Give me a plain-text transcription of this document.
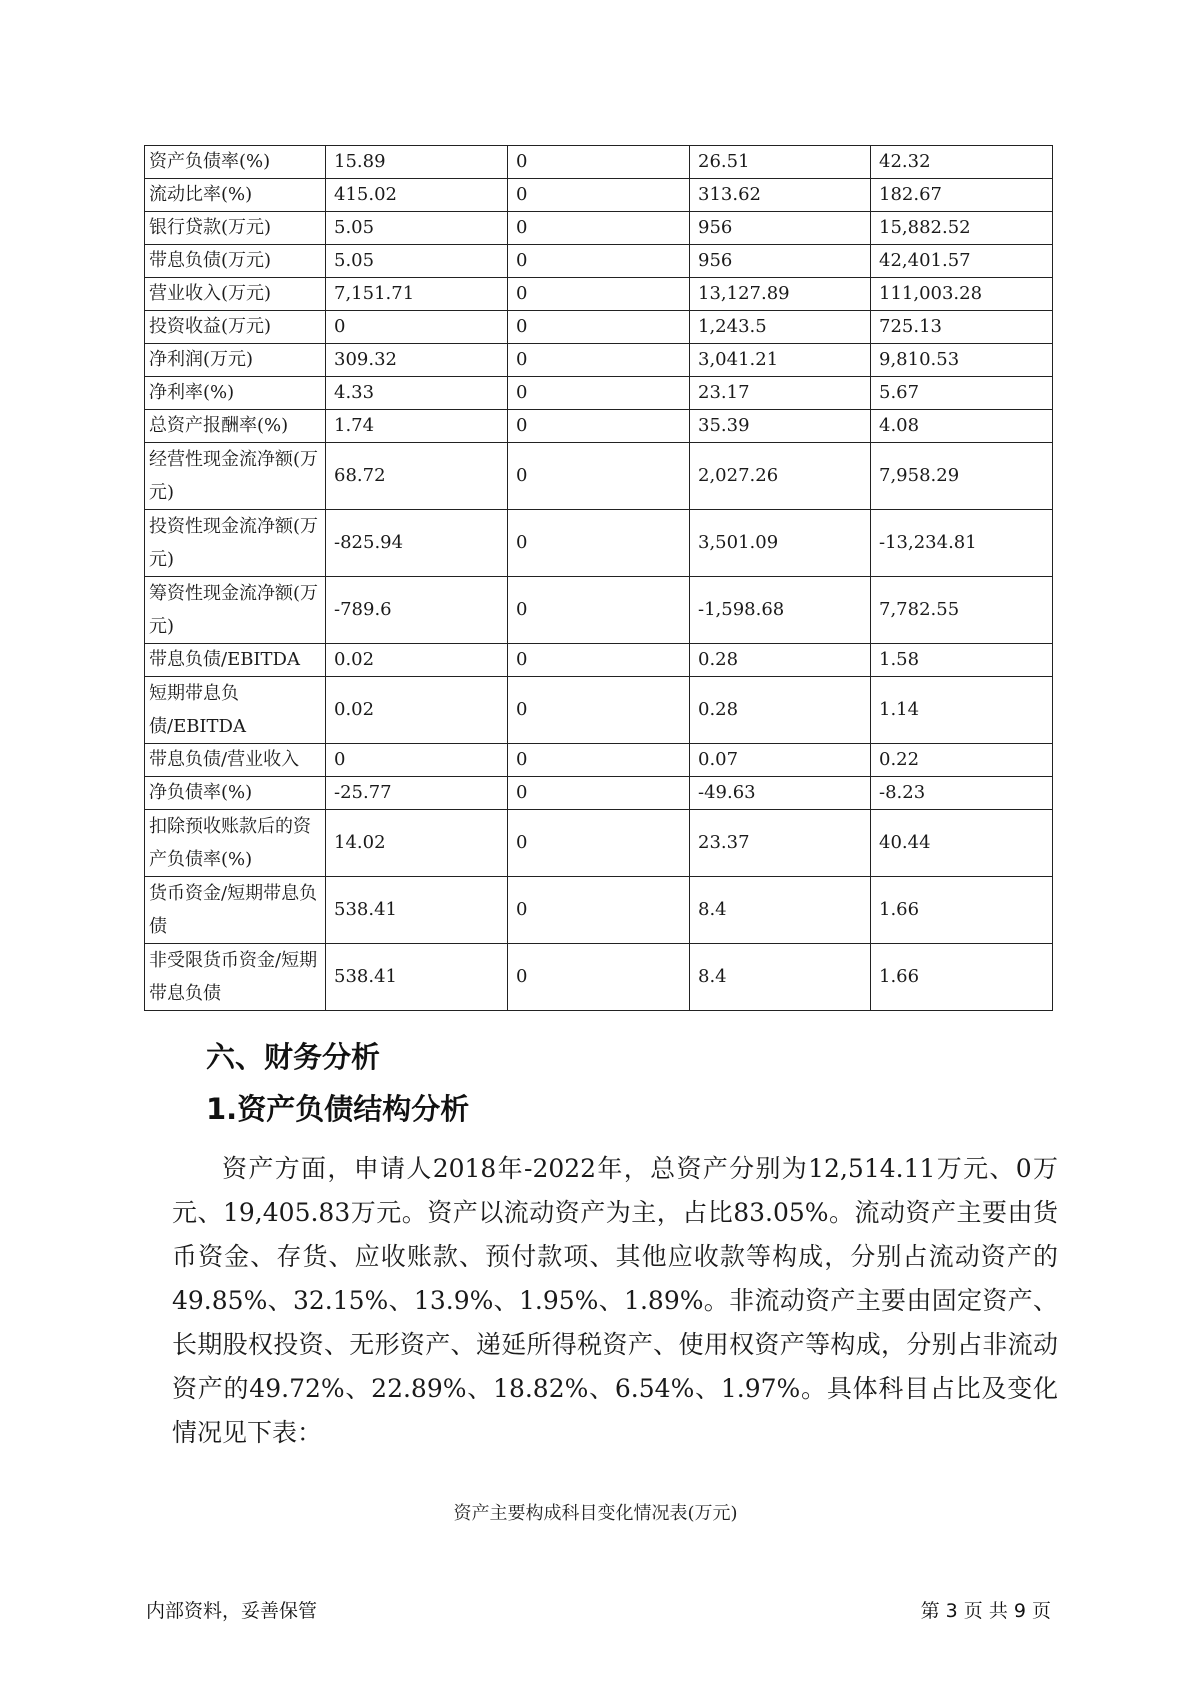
资产负债率(%)	15.89	0	26.51	42.32
流动比率(%)	415.02	0	313.62	182.67
银行贷款(万元)	5.05	0	956	15,882.52
带息负债(万元)	5.05	0	956	42,401.57
营业收入(万元)	7,151.71	0	13,127.89	111,003.28
投资收益(万元)	0	0	1,243.5	725.13
净利润(万元)	309.32	0	3,041.21	9,810.53
净利率(%)	4.33	0	23.17	5.67
总资产报酬率(%)	1.74	0	35.39	4.08
经营性现金流净额(万元)	68.72	0	2,027.26	7,958.29
投资性现金流净额(万元)	-825.94	0	3,501.09	-13,234.81
筹资性现金流净额(万元)	-789.6	0	-1,598.68	7,782.55
带息负债/EBITDA	0.02	0	0.28	1.58
短期带息负债/EBITDA	0.02	0	0.28	1.14
带息负债/营业收入	0	0	0.07	0.22
净负债率(%)	-25.77	0	-49.63	-8.23
扣除预收账款后的资产负债率(%)	14.02	0	23.37	40.44
货币资金/短期带息负债	538.41	0	8.4	1.66
非受限货币资金/短期带息负债	538.41	0	8.4	1.66
六、财务分析
1.资产负债结构分析

资产方面，申请人2018年-2022年，总资产分别为12,514.11万元、0万元、19,405.83万元。资产以流动资产为主，占比83.05%。流动资产主要由货币资金、存货、应收账款、预付款项、其他应收款等构成，分别占流动资产的49.85%、32.15%、13.9%、1.95%、1.89%。非流动资产主要由固定资产、长期股权投资、无形资产、递延所得税资产、使用权资产等构成，分别占非流动资产的49.72%、22.89%、18.82%、6.54%、1.97%。具体科目占比及变化情况见下表：

资产主要构成科目变化情况表(万元)
内部资料，妥善保管	第 3 页 共 9 页
